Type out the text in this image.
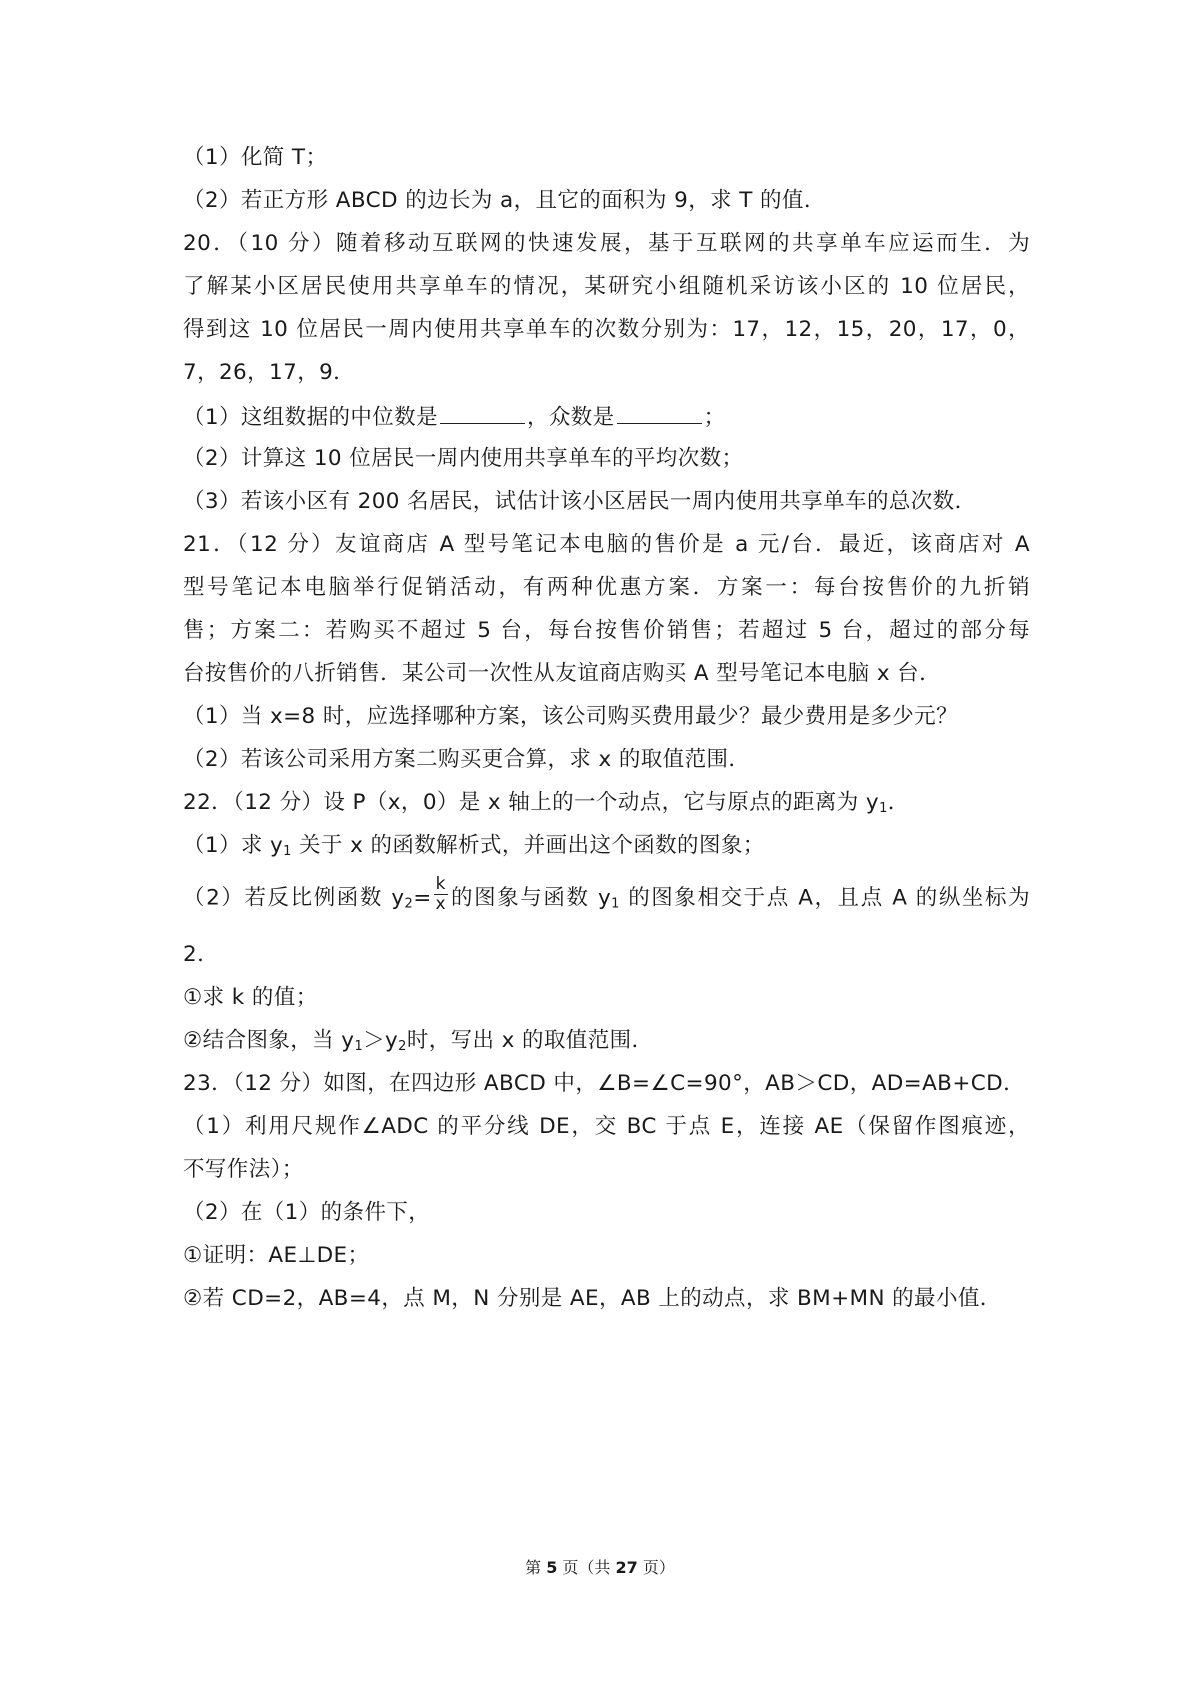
（1）化简 T；
（2）若正方形 ABCD 的边长为 a，且它的面积为 9，求 T 的值．
20．（10 分）随着移动互联网的快速发展，基于互联网的共享单车应运而生．为
了解某小区居民使用共享单车的情况，某研究小组随机采访该小区的 10 位居民，
得到这 10 位居民一周内使用共享单车的次数分别为：17，12，15，20，17，0，
7，26，17，9．
（1）这组数据的中位数是	，众数是	；
（2）计算这 10 位居民一周内使用共享单车的平均次数；
（3）若该小区有 200 名居民，试估计该小区居民一周内使用共享单车的总次数．
21．（12 分）友谊商店 A 型号笔记本电脑的售价是 a 元/台．最近，该商店对 A
型号笔记本电脑举行促销活动，有两种优惠方案．方案一：每台按售价的九折销
售；方案二：若购买不超过 5 台，每台按售价销售；若超过 5 台，超过的部分每
台按售价的八折销售．某公司一次性从友谊商店购买 A 型号笔记本电脑 x 台．
（1）当 x=8 时，应选择哪种方案，该公司购买费用最少？最少费用是多少元？
（2）若该公司采用方案二购买更合算，求 x 的取值范围．
22．（12 分）设 P（x，0）是 x 轴上的一个动点，它与原点的距离为 $y_1$．
（1）求 $y_1$ 关于 x 的函数解析式，并画出这个函数的图象；
（2）若反比例函数 $y_2= \frac{k}{x}$ 的图象与函数 $y_1$ 的图象相交于点 A，且点 A 的纵坐标为
2．
①求 k 的值；
②结合图象，当 $y_1>y_2$时，写出 x 的取值范围．
23．（12 分）如图，在四边形 ABCD 中，∠B=∠C=90°，AB＞CD，AD=AB+CD．
（1）利用尺规作∠ADC 的平分线 DE，交 BC 于点 E，连接 AE（保留作图痕迹，
不写作法）；
（2）在（1）的条件下，
①证明：AE⊥DE；
②若 CD=2，AB=4，点 M，N 分别是 AE，AB 上的动点，求 BM+MN 的最小值．
第 5 页（共 27 页）
